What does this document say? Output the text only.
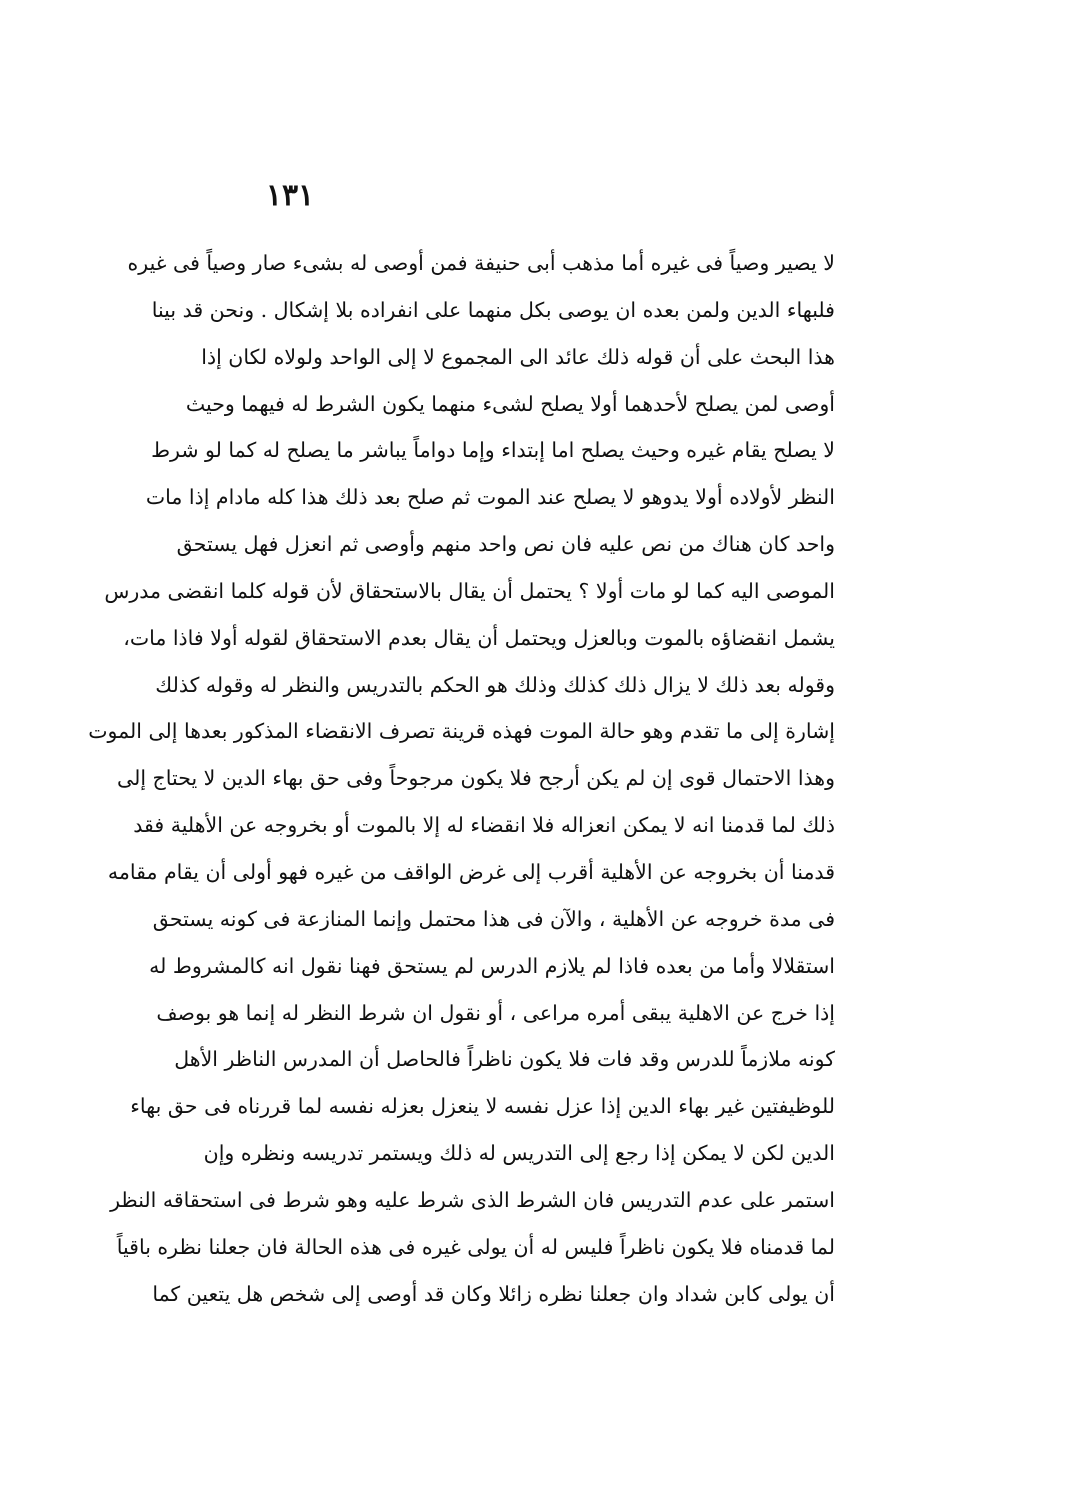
١٣١
لا يصير وصياً فى غيره أما مذهب أبى حنيفة فمن أوصى له بشىء صار وصياً فى غيره
فلبهاء الدين ولمن بعده ان يوصى بكل منهما على انفراده بلا إشكال . ونحن قد بينا
هذا البحث على أن قوله ذلك عائد الى المجموع لا إلى الواحد ولولاه لكان إذا
أوصى لمن يصلح لأحدهما أولا يصلح لشىء منهما يكون الشرط له فيهما وحيث
لا يصلح يقام غيره وحيث يصلح اما إبتداء وإما دواماً يباشر ما يصلح له كما لو شرط
النظر لأولاده أولا يدوهو لا يصلح عند الموت ثم صلح بعد ذلك هذا كله مادام إذا مات
واحد كان هناك من نص عليه فان نص واحد منهم وأوصى ثم انعزل فهل يستحق
الموصى اليه كما لو مات أولا ؟ يحتمل أن يقال بالاستحقاق لأن قوله كلما انقضى مدرس
يشمل انقضاؤه بالموت وبالعزل ويحتمل أن يقال بعدم الاستحقاق لقوله أولا فاذا مات،
وقوله بعد ذلك لا يزال ذلك كذلك وذلك هو الحكم بالتدريس والنظر له وقوله كذلك
إشارة إلى ما تقدم وهو حالة الموت فهذه قرينة تصرف الانقضاء المذكور بعدها إلى الموت
وهذا الاحتمال قوى إن لم يكن أرجح فلا يكون مرجوحاً وفى حق بهاء الدين لا يحتاج إلى
ذلك لما قدمنا انه لا يمكن انعزاله فلا انقضاء له إلا بالموت أو بخروجه عن الأهلية فقد
قدمنا أن بخروجه عن الأهلية أقرب إلى غرض الواقف من غيره فهو أولى أن يقام مقامه
فى مدة خروجه عن الأهلية ، والآن فى هذا محتمل وإنما المنازعة فى كونه يستحق
استقلالا وأما من بعده فاذا لم يلازم الدرس لم يستحق فهنا نقول انه كالمشروط له
إذا خرج عن الاهلية يبقى أمره مراعى ، أو نقول ان شرط النظر له إنما هو بوصف
كونه ملازماً للدرس وقد فات فلا يكون ناظراً فالحاصل أن المدرس الناظر الأهل
للوظيفتين غير بهاء الدين إذا عزل نفسه لا ينعزل بعزله نفسه لما قررناه فى حق بهاء
الدين لكن لا يمكن إذا رجع إلى التدريس له ذلك ويستمر تدريسه ونظره وإن
استمر على عدم التدريس فان الشرط الذى شرط عليه وهو شرط فى استحقاقه النظر
لما قدمناه فلا يكون ناظراً فليس له أن يولى غيره فى هذه الحالة فان جعلنا نظره باقياً
أن يولى كابن شداد وان جعلنا نظره زائلا وكان قد أوصى إلى شخص هل يتعين كما
